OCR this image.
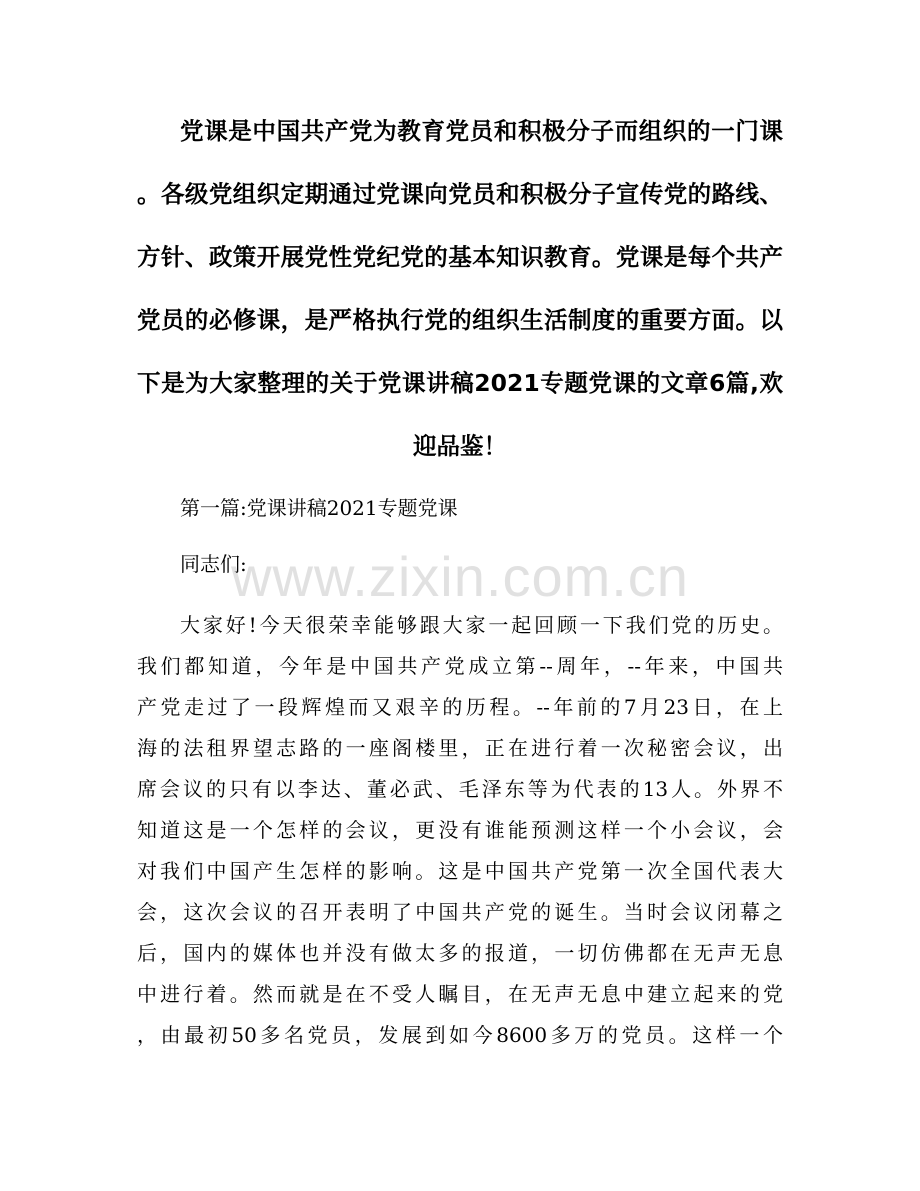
党课是中国共产党为教育党员和积极分子而组织的一门课

。各级党组织定期通过党课向党员和积极分子宣传党的路线、

方针、政策开展党性党纪党的基本知识教育。党课是每个共产

党员的必修课，是严格执行党的组织生活制度的重要方面。以

下是为大家整理的关于党课讲稿2021专题党课的文章6篇,欢

迎品鉴！

第一篇:党课讲稿2021专题党课

同志们:

大家好!今天很荣幸能够跟大家一起回顾一下我们党的历史。

我们都知道，今年是中国共产党成立第--周年，--年来，中国共

产党走过了一段辉煌而又艰辛的历程。--年前的7月23日，在上

海的法租界望志路的一座阁楼里，正在进行着一次秘密会议，出

席会议的只有以李达、董必武、毛泽东等为代表的13人。外界不

知道这是一个怎样的会议，更没有谁能预测这样一个小会议，会

对我们中国产生怎样的影响。这是中国共产党第一次全国代表大

会，这次会议的召开表明了中国共产党的诞生。当时会议闭幕之

后，国内的媒体也并没有做太多的报道，一切仿佛都在无声无息

中进行着。然而就是在不受人瞩目，在无声无息中建立起来的党

，由最初50多名党员，发展到如今8600多万的党员。这样一个

www.zixin.com.cn
